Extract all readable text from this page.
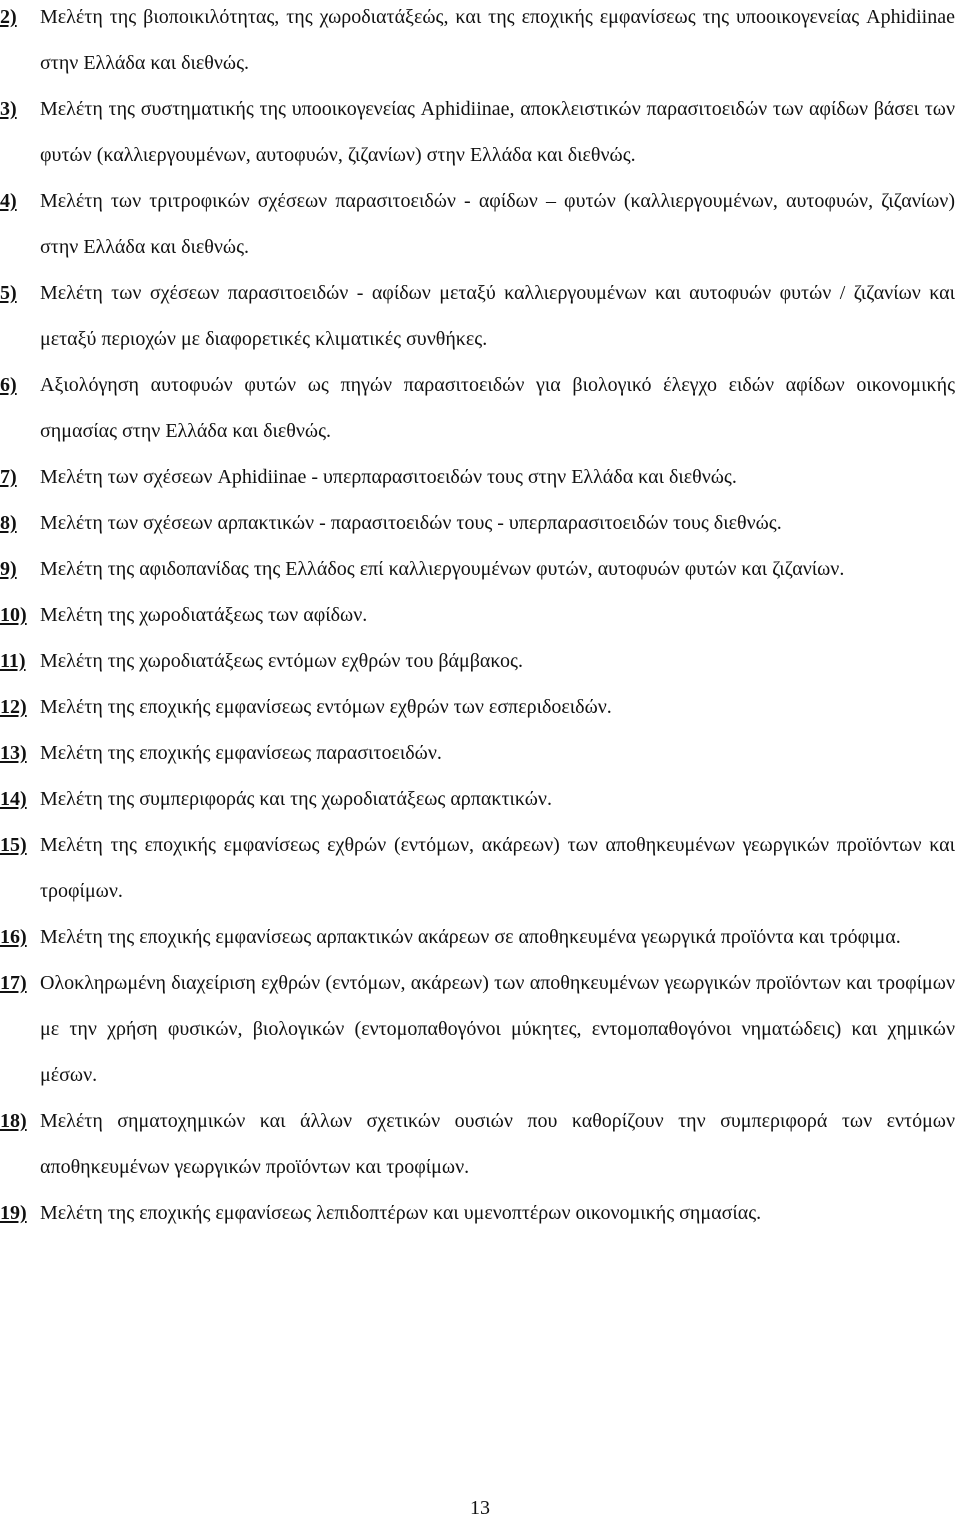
2) Μελέτη της βιοποικιλότητας, της χωροδιατάξεώς, και της εποχικής εμφανίσεως της υποοικογενείας Aphidiinae στην Ελλάδα και διεθνώς.
3) Μελέτη της συστηματικής της υποοικογενείας Aphidiinae, αποκλειστικών παρασιτοειδών των αφίδων βάσει των φυτών (καλλιεργουμένων, αυτοφυών, ζιζανίων) στην Ελλάδα και διεθνώς.
4) Μελέτη των τριτροφικών σχέσεων παρασιτοειδών - αφίδων – φυτών (καλλιεργουμένων, αυτοφυών, ζιζανίων) στην Ελλάδα και διεθνώς.
5) Μελέτη των σχέσεων παρασιτοειδών - αφίδων μεταξύ καλλιεργουμένων και αυτοφυών φυτών / ζιζανίων και μεταξύ περιοχών με διαφορετικές κλιματικές συνθήκες.
6) Αξιολόγηση αυτοφυών φυτών ως πηγών παρασιτοειδών για βιολογικό έλεγχο ειδών αφίδων οικονομικής σημασίας στην Ελλάδα και διεθνώς.
7) Μελέτη των σχέσεων Aphidiinae - υπερπαρασιτοειδών τους στην Ελλάδα και διεθνώς.
8) Μελέτη των σχέσεων αρπακτικών - παρασιτοειδών τους - υπερπαρασιτοειδών τους διεθνώς.
9) Μελέτη της αφιδοπανίδας της Ελλάδος επί καλλιεργουμένων φυτών, αυτοφυών φυτών και ζιζανίων.
10) Μελέτη της χωροδιατάξεως των αφίδων.
11) Μελέτη της χωροδιατάξεως εντόμων εχθρών του βάμβακος.
12) Μελέτη της εποχικής εμφανίσεως εντόμων εχθρών των εσπεριδοειδών.
13) Μελέτη της εποχικής εμφανίσεως παρασιτοειδών.
14) Μελέτη της συμπεριφοράς και της χωροδιατάξεως αρπακτικών.
15) Μελέτη της εποχικής εμφανίσεως εχθρών (εντόμων, ακάρεων) των αποθηκευμένων γεωργικών προϊόντων και τροφίμων.
16) Μελέτη της εποχικής εμφανίσεως αρπακτικών ακάρεων σε αποθηκευμένα γεωργικά προϊόντα και τρόφιμα.
17) Ολοκληρωμένη διαχείριση εχθρών (εντόμων, ακάρεων) των αποθηκευμένων γεωργικών προϊόντων και τροφίμων με την χρήση φυσικών, βιολογικών (εντομοπαθογόνοι μύκητες, εντομοπαθογόνοι νηματώδεις) και χημικών μέσων.
18) Μελέτη σηματοχημικών και άλλων σχετικών ουσιών που καθορίζουν την συμπεριφορά των εντόμων αποθηκευμένων γεωργικών προϊόντων και τροφίμων.
19) Μελέτη της εποχικής εμφανίσεως λεπιδοπτέρων και υμενοπτέρων οικονομικής σημασίας.
13
